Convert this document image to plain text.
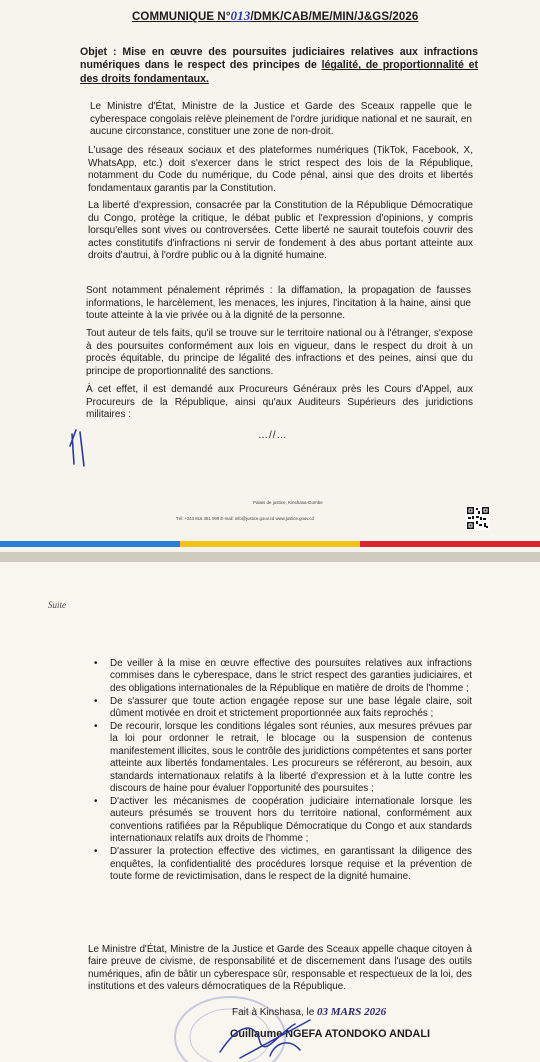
COMMUNIQUE N°013/DMK/CAB/ME/MIN/J&GS/2026
Objet : Mise en œuvre des poursuites judiciaires relatives aux infractions numériques dans le respect des principes de légalité, de proportionnalité et des droits fondamentaux.

Le Ministre d'État, Ministre de la Justice et Garde des Sceaux rappelle que le cyberespace congolais relève pleinement de l'ordre juridique national et ne saurait, en aucune circonstance, constituer une zone de non-droit.

L'usage des réseaux sociaux et des plateformes numériques (TikTok, Facebook, X, WhatsApp, etc.) doit s'exercer dans le strict respect des lois de la République, notamment du Code du numérique, du Code pénal, ainsi que des droits et libertés fondamentaux garantis par la Constitution.

La liberté d'expression, consacrée par la Constitution de la République Démocratique du Congo, protège la critique, le débat public et l'expression d'opinions, y compris lorsqu'elles sont vives ou controversées. Cette liberté ne saurait toutefois couvrir des actes constitutifs d'infractions ni servir de fondement à des abus portant atteinte aux droits d'autrui, à l'ordre public ou à la dignité humaine.

Sont notamment pénalement réprimés : la diffamation, la propagation de fausses informations, le harcèlement, les menaces, les injures, l'incitation à la haine, ainsi que toute atteinte à la vie privée ou à la dignité de la personne.

Tout auteur de tels faits, qu'il se trouve sur le territoire national ou à l'étranger, s'expose à des poursuites conformément aux lois en vigueur, dans le respect du droit à un procès équitable, du principe de légalité des infractions et des peines, ainsi que du principe de proportionnalité des sanctions.

À cet effet, il est demandé aux Procureurs Généraux près les Cours d'Appel, aux Procureurs de la République, ainsi qu'aux Auditeurs Supérieurs des juridictions militaires :

…//…
Palais de justice, Kinshasa-Gombe
Tél: +243 816 351 099 E-mail: info@justice.gouv.cd www.justice.gouv.cd
Suite
• De veiller à la mise en œuvre effective des poursuites relatives aux infractions commises dans le cyberespace, dans le strict respect des garanties judiciaires, et des obligations internationales de la République en matière de droits de l'homme ;
• De s'assurer que toute action engagée repose sur une base légale claire, soit dûment motivée en droit et strictement proportionnée aux faits reprochés ;
• De recourir, lorsque les conditions légales sont réunies, aux mesures prévues par la loi pour ordonner le retrait, le blocage ou la suspension de contenus manifestement illicites, sous le contrôle des juridictions compétentes et sans porter atteinte aux libertés fondamentales. Les procureurs se référeront, au besoin, aux standards internationaux relatifs à la liberté d'expression et à la lutte contre les discours de haine pour évaluer l'opportunité des poursuites ;
• D'activer les mécanismes de coopération judiciaire internationale lorsque les auteurs présumés se trouvent hors du territoire national, conformément aux conventions ratifiées par la République Démocratique du Congo et aux standards internationaux relatifs aux droits de l'homme ;
• D'assurer la protection effective des victimes, en garantissant la diligence des enquêtes, la confidentialité des procédures lorsque requise et la prévention de toute forme de revictimisation, dans le respect de la dignité humaine.

Le Ministre d'État, Ministre de la Justice et Garde des Sceaux appelle chaque citoyen à faire preuve de civisme, de responsabilité et de discernement dans l'usage des outils numériques, afin de bâtir un cyberespace sûr, responsable et respectueux de la loi, des institutions et des valeurs démocratiques de la République.

Fait à Kinshasa, le 03 MARS 2026
Guillaume NGEFA ATONDOKO ANDALI
